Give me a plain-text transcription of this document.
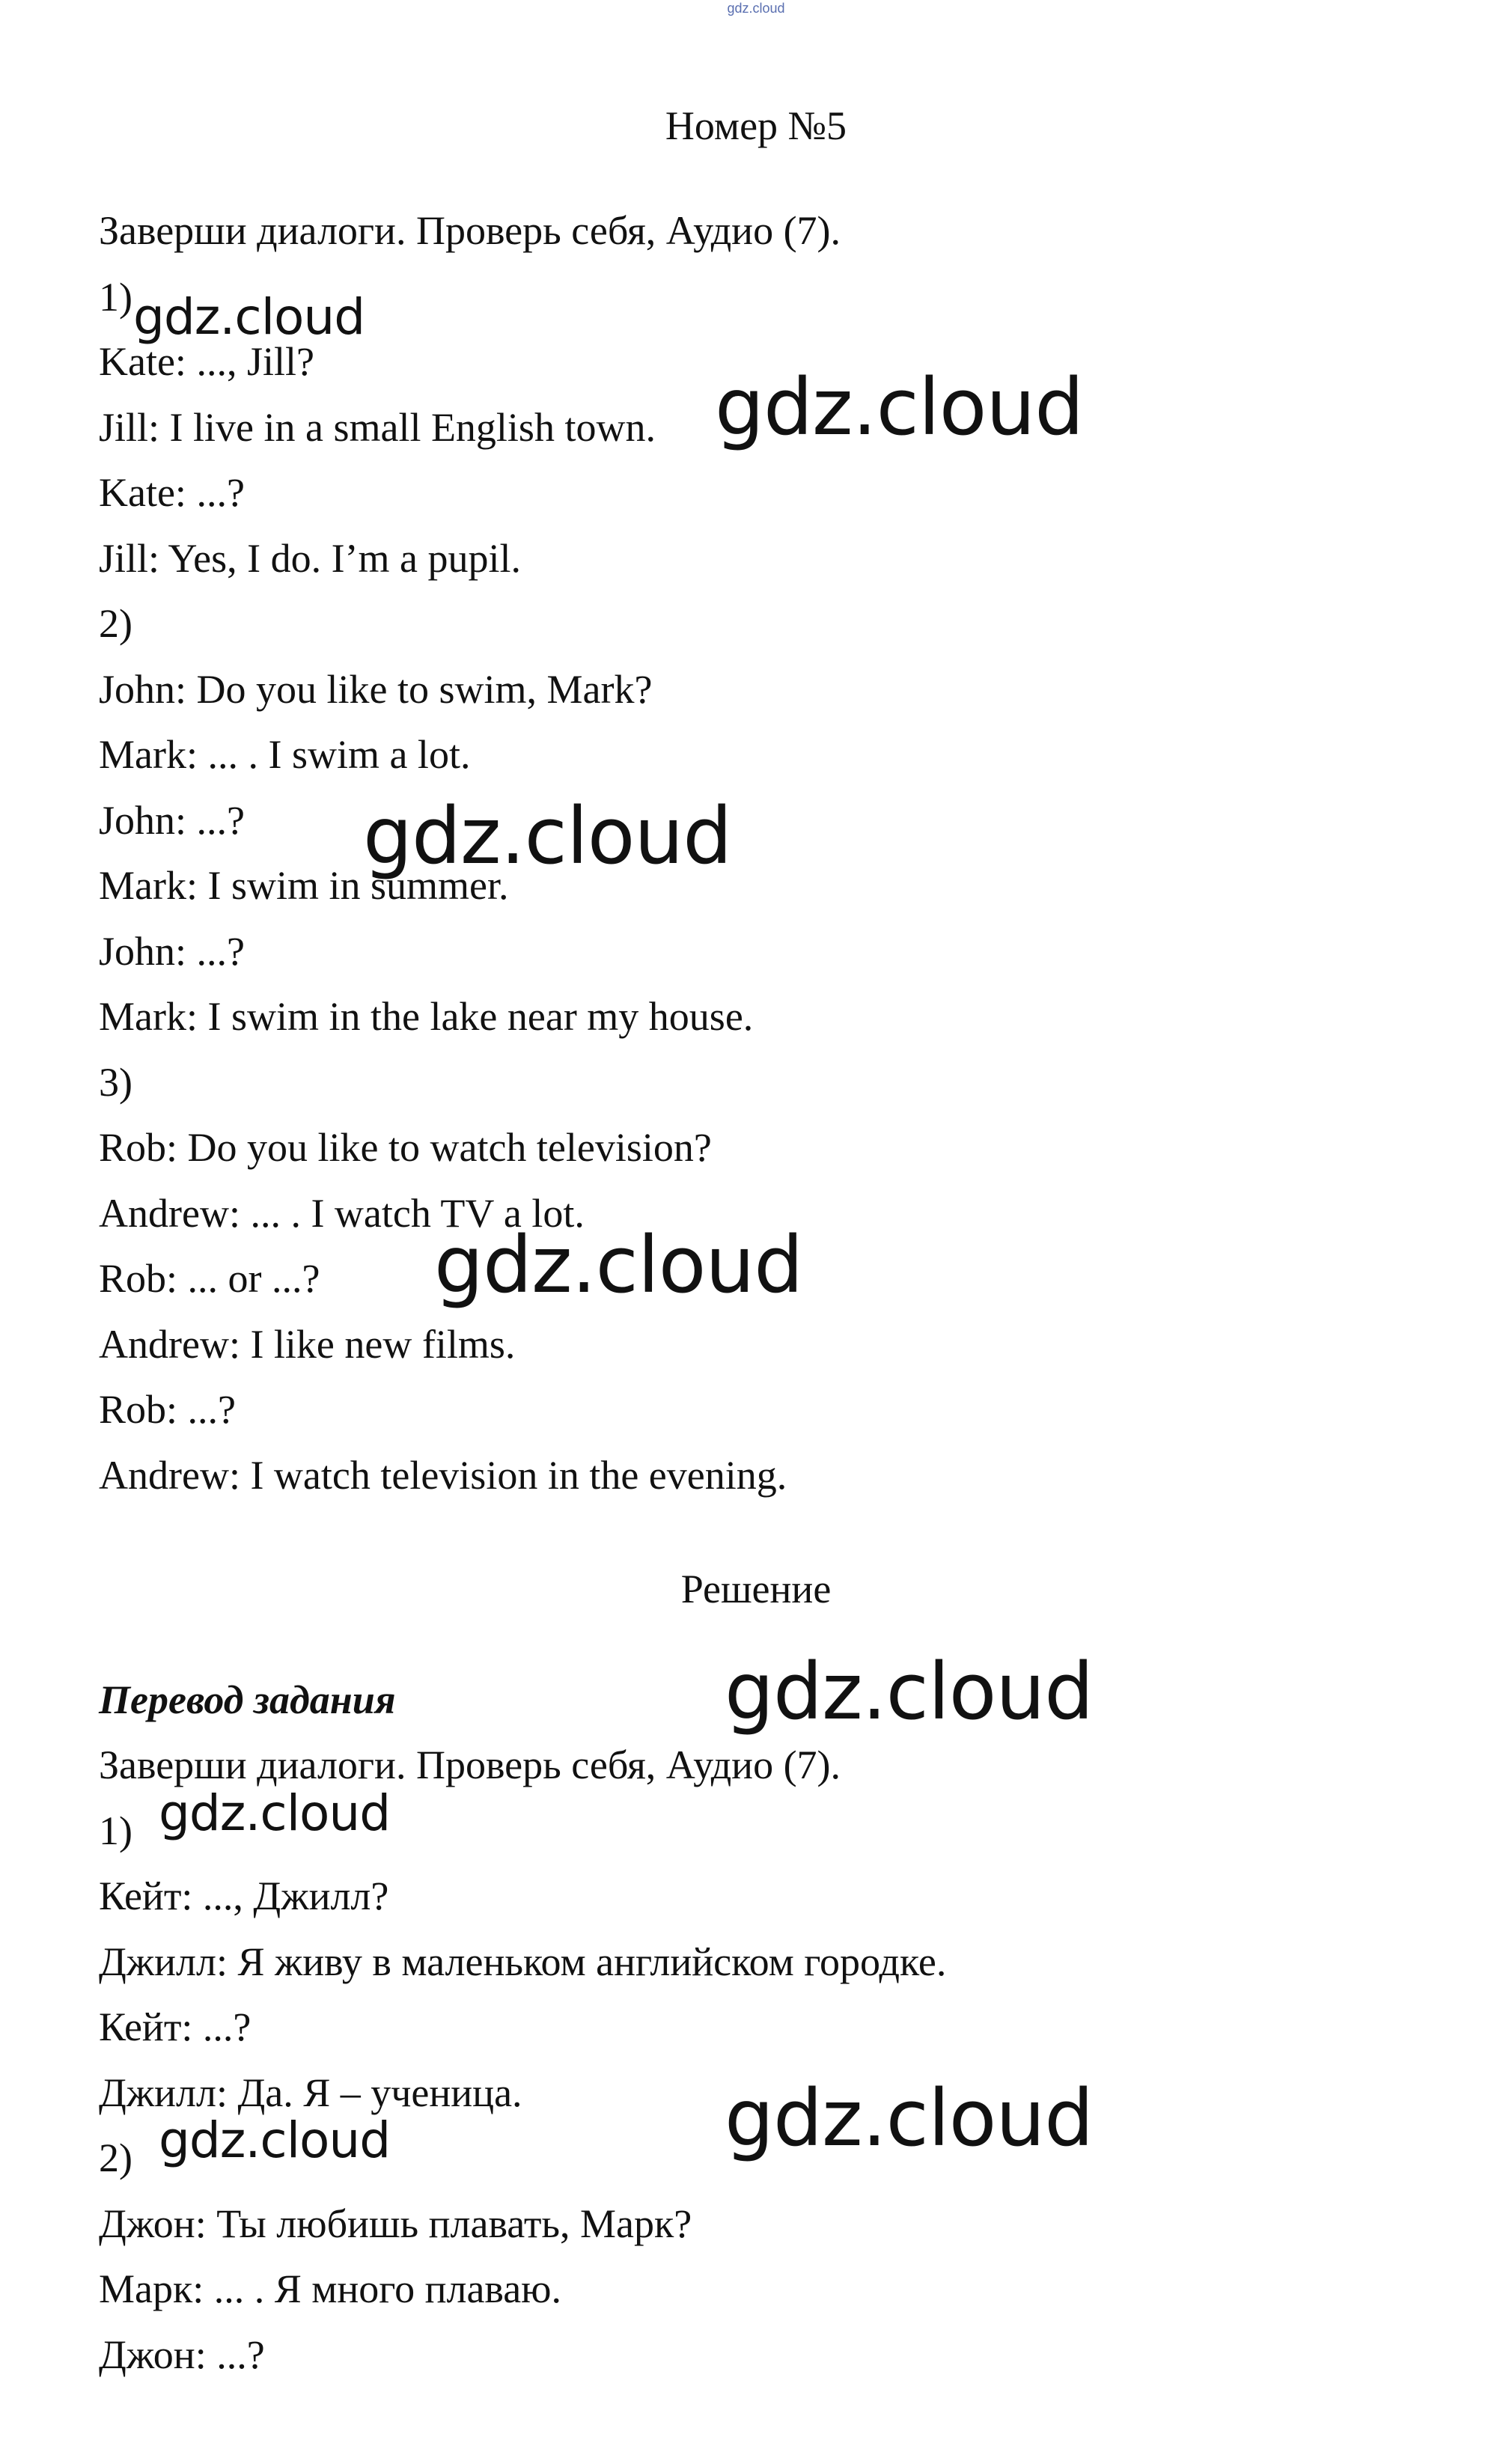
gdz.cloud
Номер №5
Заверши диалоги. Проверь себя, Аудио (7).
1)
Kate: ..., Jill?
Jill: I live in a small English town.
Kate: ...?
Jill: Yes, I do. I’m a pupil.
2)
John: Do you like to swim, Mark?
Mark: ... . I swim a lot.
John: ...?
Mark: I swim in summer.
John: ...?
Mark: I swim in the lake near my house.
3)
Rob: Do you like to watch television?
Andrew: ... . I watch TV a lot.
Rob: ... or ...?
Andrew: I like new films.
Rob: ...?
Andrew: I watch television in the evening.
Решение
Перевод задания
Заверши диалоги. Проверь себя, Аудио (7).
1)
Кейт: ..., Джилл?
Джилл: Я живу в маленьком английском городке.
Кейт: ...?
Джилл: Да. Я – ученица.
2)
Джон: Ты любишь плавать, Марк?
Марк: ... . Я много плаваю.
Джон: ...?
gdz.cloud
gdz.cloud
gdz.cloud
gdz.cloud
gdz.cloud
gdz.cloud
gdz.cloud
gdz.cloud
